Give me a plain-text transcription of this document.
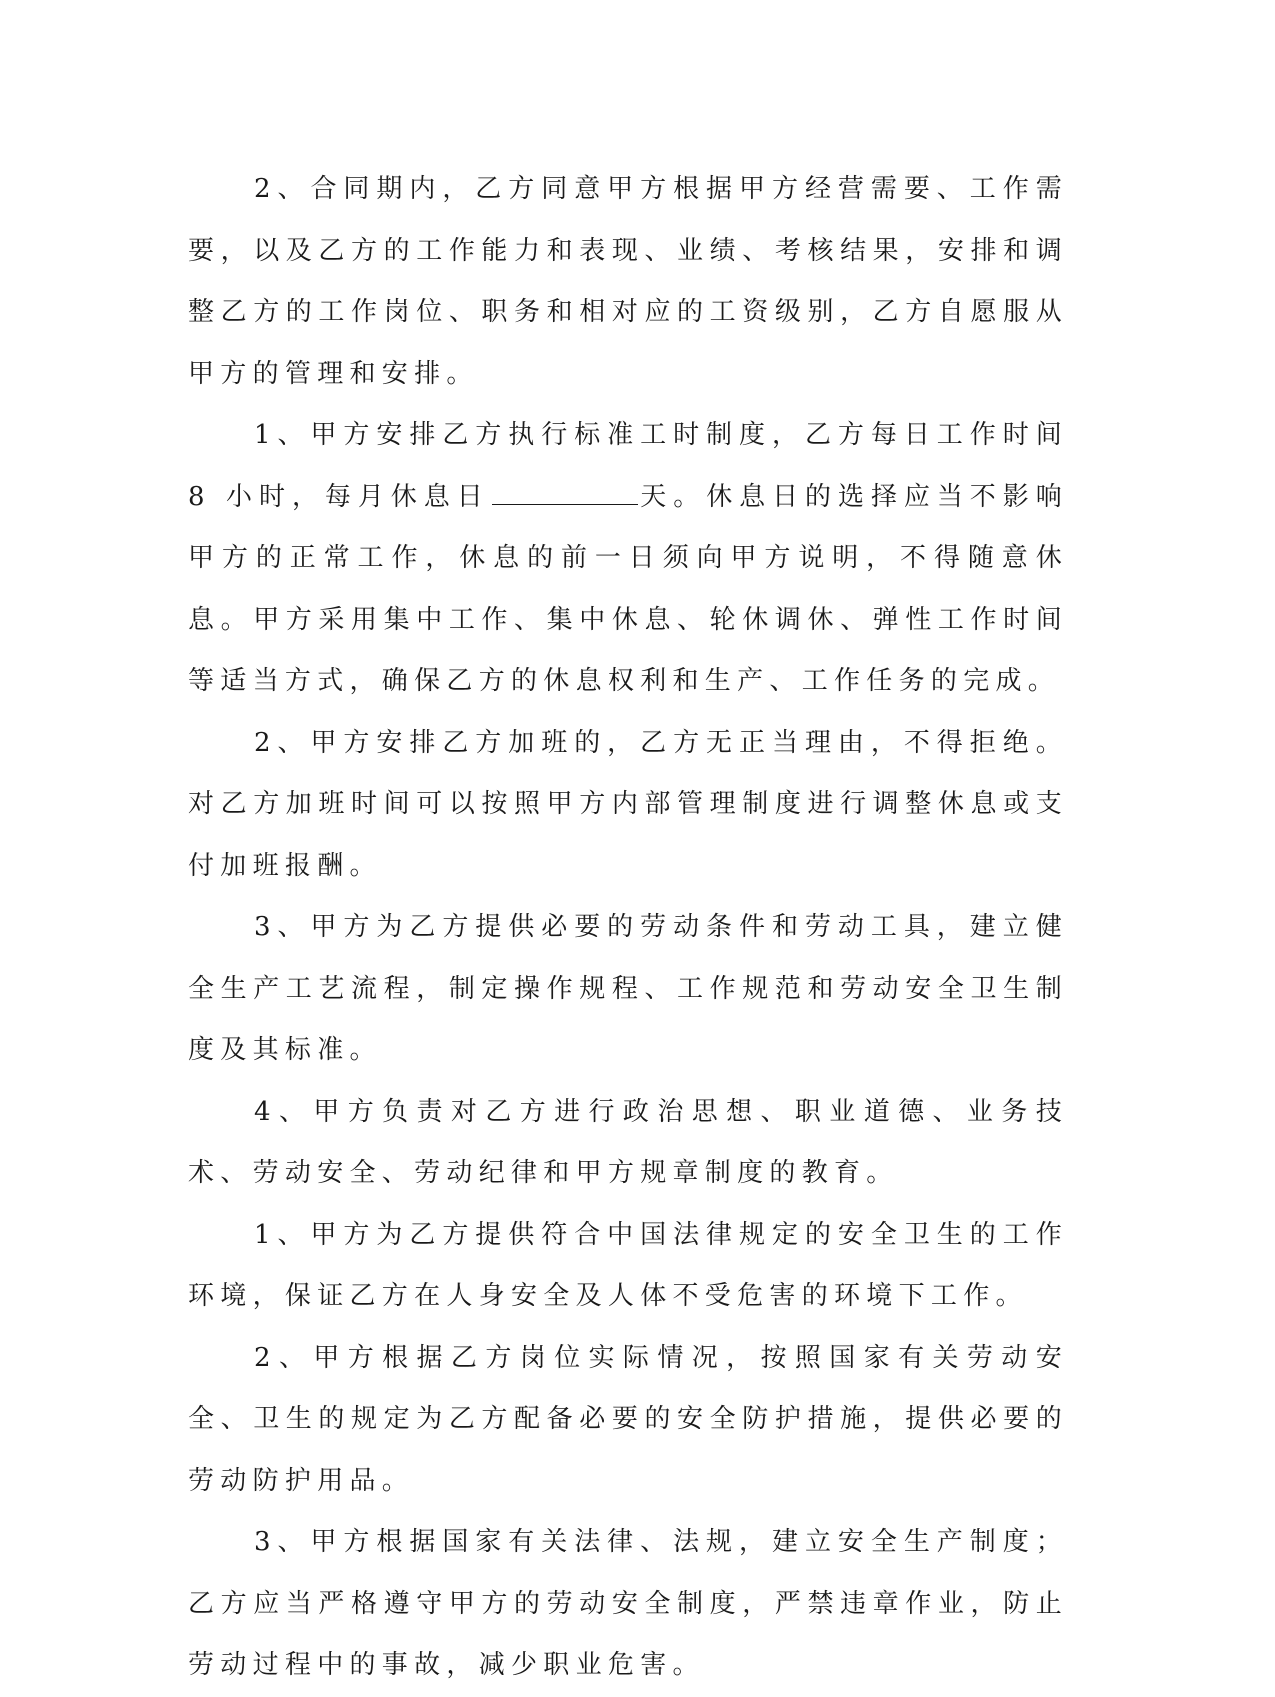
2、合同期内，乙方同意甲方根据甲方经营需要、工作需要，以及乙方的工作能力和表现、业绩、考核结果，安排和调整乙方的工作岗位、职务和相对应的工资级别，乙方自愿服从甲方的管理和安排。

1、甲方安排乙方执行标准工时制度，乙方每日工作时间 8 小时，每月休息日	天。休息日的选择应当不影响甲方的正常工作，休息的前一日须向甲方说明，不得随意休息。甲方采用集中工作、集中休息、轮休调休、弹性工作时间等适当方式，确保乙方的休息权利和生产、工作任务的完成。

2、甲方安排乙方加班的，乙方无正当理由，不得拒绝。对乙方加班时间可以按照甲方内部管理制度进行调整休息或支付加班报酬。

3、甲方为乙方提供必要的劳动条件和劳动工具，建立健全生产工艺流程，制定操作规程、工作规范和劳动安全卫生制度及其标准。

4、甲方负责对乙方进行政治思想、职业道德、业务技术、劳动安全、劳动纪律和甲方规章制度的教育。

1、甲方为乙方提供符合中国法律规定的安全卫生的工作环境，保证乙方在人身安全及人体不受危害的环境下工作。

2、甲方根据乙方岗位实际情况，按照国家有关劳动安全、卫生的规定为乙方配备必要的安全防护措施，提供必要的劳动防护用品。

3、甲方根据国家有关法律、法规，建立安全生产制度；乙方应当严格遵守甲方的劳动安全制度，严禁违章作业，防止劳动过程中的事故，减少职业危害。
